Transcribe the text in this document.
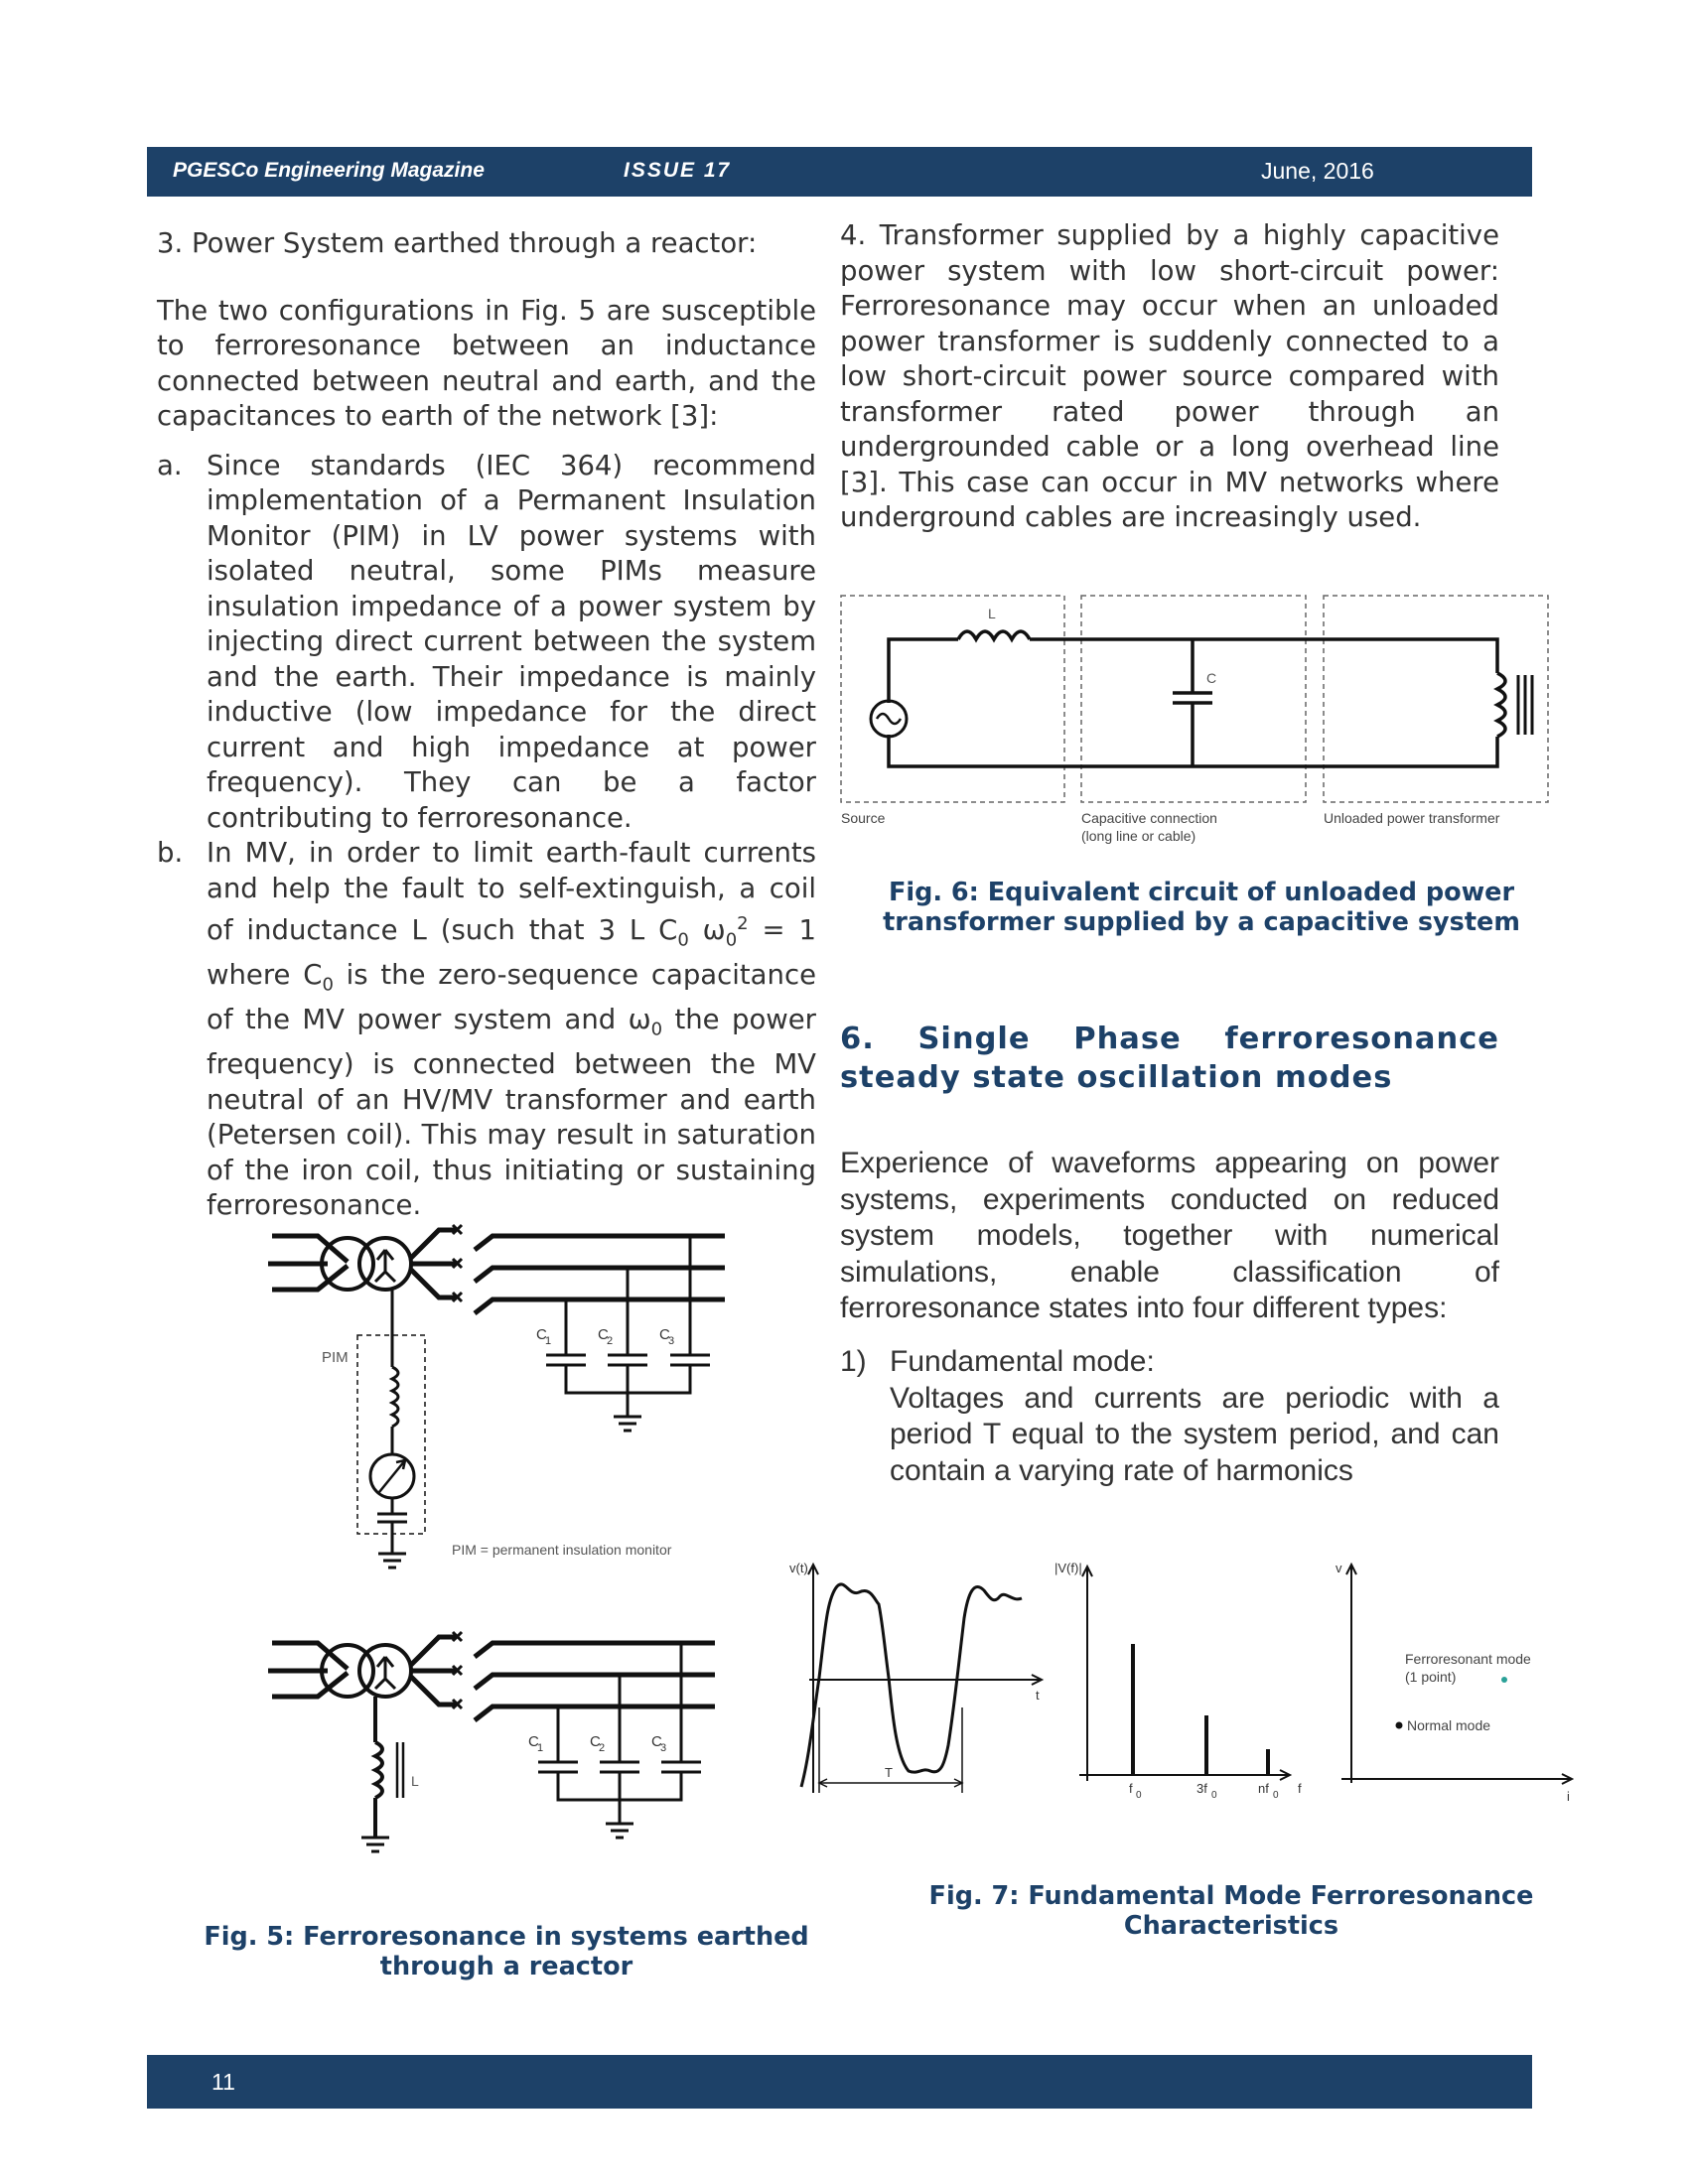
PGESCo Engineering Magazine	ISSUE 17	June, 2016

3. Power System earthed through a reactor:

The two configurations in Fig. 5 are susceptible to ferroresonance between an inductance connected between neutral and earth, and the capacitances to earth of the network [3]:

a. Since standards (IEC 364) recommend implementation of a Permanent Insulation Monitor (PIM) in LV power systems with isolated neutral, some PIMs measure insulation impedance of a power system by injecting direct current between the system and the earth. Their impedance is mainly inductive (low impedance for the direct current and high impedance at power frequency). They can be a factor contributing to ferroresonance.
b. In MV, in order to limit earth-fault currents and help the fault to self-extinguish, a coil of inductance L (such that 3 L $C_0$ $\omega_0^2 = 1$ where $C_0$ is the zero-sequence capacitance of the MV power system and $\omega_0$ the power frequency) is connected between the MV neutral of an HV/MV transformer and earth (Petersen coil). This may result in saturation of the iron coil, thus initiating or sustaining ferroresonance.
C
1	C
2	C
3
PIM
PIM = permanent insulation monitor
C
1	C
2	C
3
L
Fig. 5: Ferroresonance in systems earthed through a reactor
4. Transformer supplied by a highly capacitive power system with low short-circuit power: Ferroresonance may occur when an unloaded power transformer is suddenly connected to a low short-circuit power source compared with transformer rated power through an undergrounded cable or a long overhead line [3]. This case can occur in MV networks where underground cables are increasingly used.
L
C
Source	Capacitive connection
(long line or cable)
Unloaded power transformer
Fig. 6: Equivalent circuit of unloaded power transformer supplied by a capacitive system
6. Single Phase ferroresonance steady state oscillation modes
Experience of waveforms appearing on power systems, experiments conducted on reduced system models, together with numerical simulations, enable classification of ferroresonance states into four different types:
1) Fundamental mode:
Voltages and currents are periodic with a period T equal to the system period, and can contain a varying rate of harmonics
v(t)
t
T
|V(f)|
f 0	3f 0	nf 0 f
v
i
Ferroresonant mode
(1 point)
Normal mode
Fig. 7: Fundamental Mode Ferroresonance Characteristics
11
